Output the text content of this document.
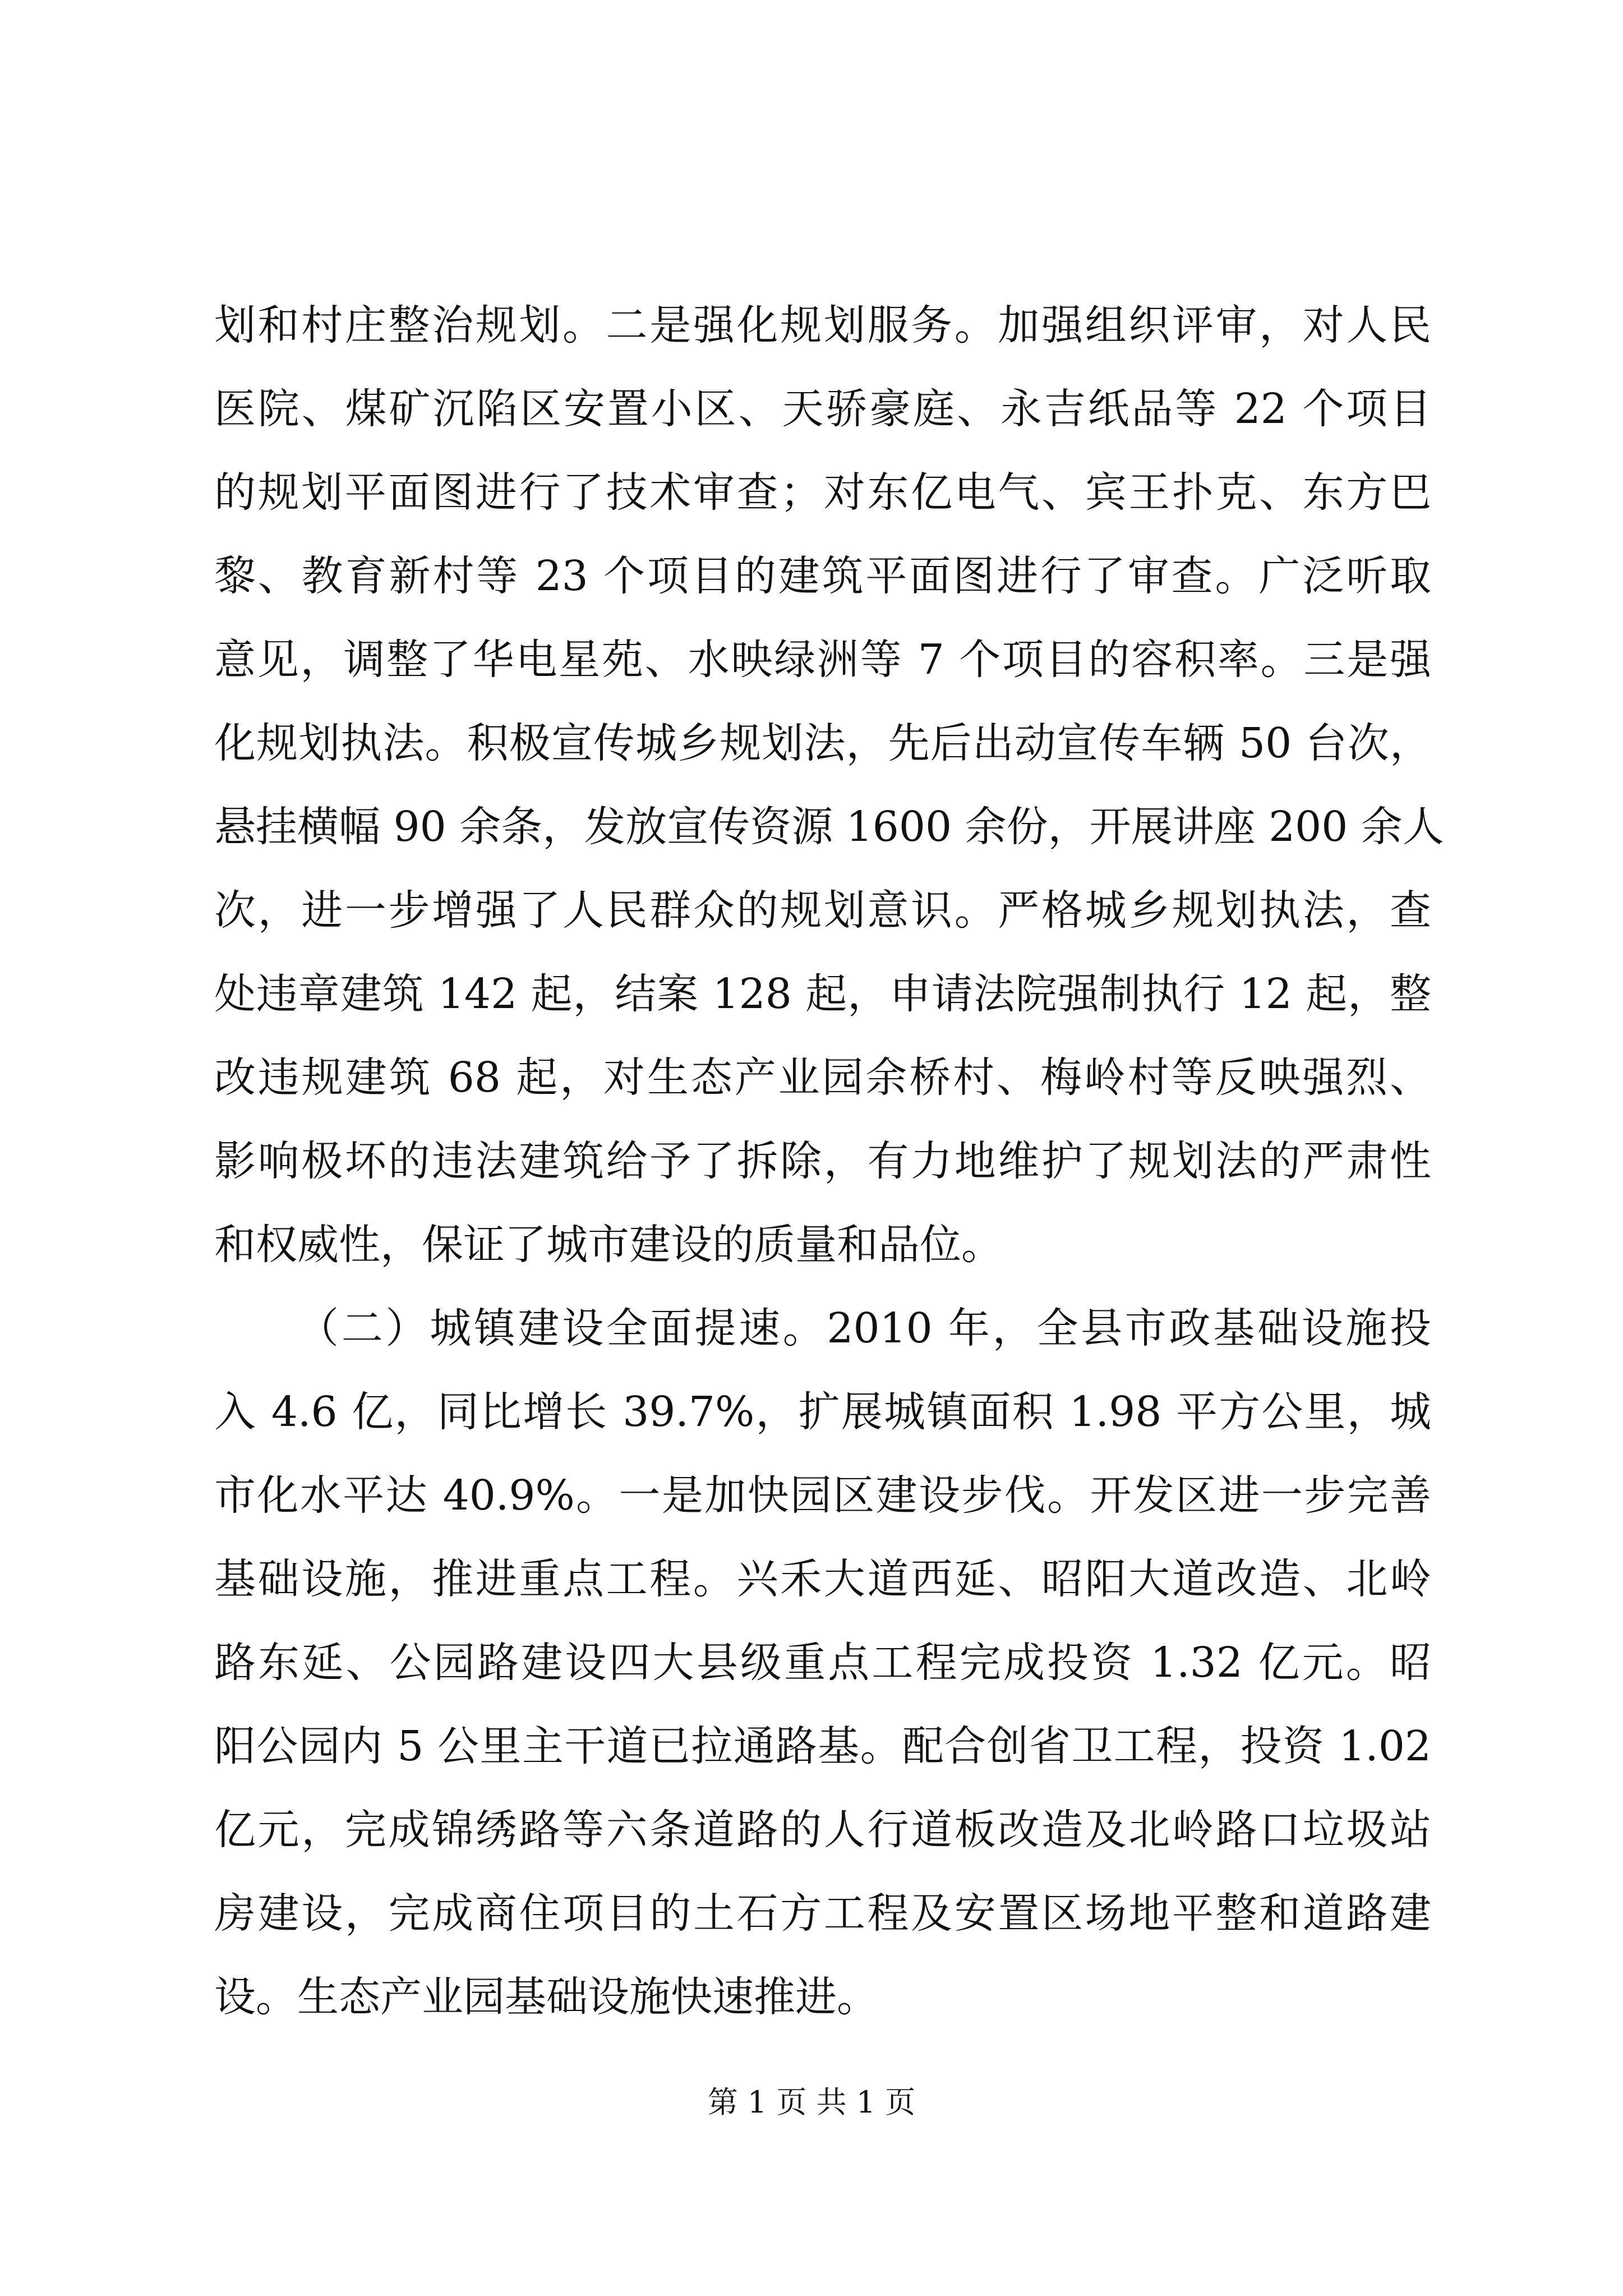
划和村庄整治规划。二是强化规划服务。加强组织评审，对人民
医院、煤矿沉陷区安置小区、天骄豪庭、永吉纸品等 22 个项目
的规划平面图进行了技术审查；对东亿电气、宾王扑克、东方巴
黎、教育新村等 23 个项目的建筑平面图进行了审查。广泛听取
意见，调整了华电星苑、水映绿洲等 7 个项目的容积率。三是强
化规划执法。积极宣传城乡规划法，先后出动宣传车辆 50 台次，
悬挂横幅 90 余条，发放宣传资源 1600 余份，开展讲座 200 余人
次，进一步增强了人民群众的规划意识。严格城乡规划执法，查
处违章建筑 142 起，结案 128 起，申请法院强制执行 12 起，整
改违规建筑 68 起，对生态产业园余桥村、梅岭村等反映强烈、
影响极坏的违法建筑给予了拆除，有力地维护了规划法的严肃性
和权威性，保证了城市建设的质量和品位。
（二）城镇建设全面提速。2010 年，全县市政基础设施投
入 4.6 亿，同比增长 39.7%，扩展城镇面积 1.98 平方公里，城
市化水平达 40.9%。一是加快园区建设步伐。开发区进一步完善
基础设施，推进重点工程。兴禾大道西延、昭阳大道改造、北岭
路东延、公园路建设四大县级重点工程完成投资 1.32 亿元。昭
阳公园内 5 公里主干道已拉通路基。配合创省卫工程，投资 1.02
亿元，完成锦绣路等六条道路的人行道板改造及北岭路口垃圾站
房建设，完成商住项目的土石方工程及安置区场地平整和道路建
设。生态产业园基础设施快速推进。
第 1 页 共 1 页
